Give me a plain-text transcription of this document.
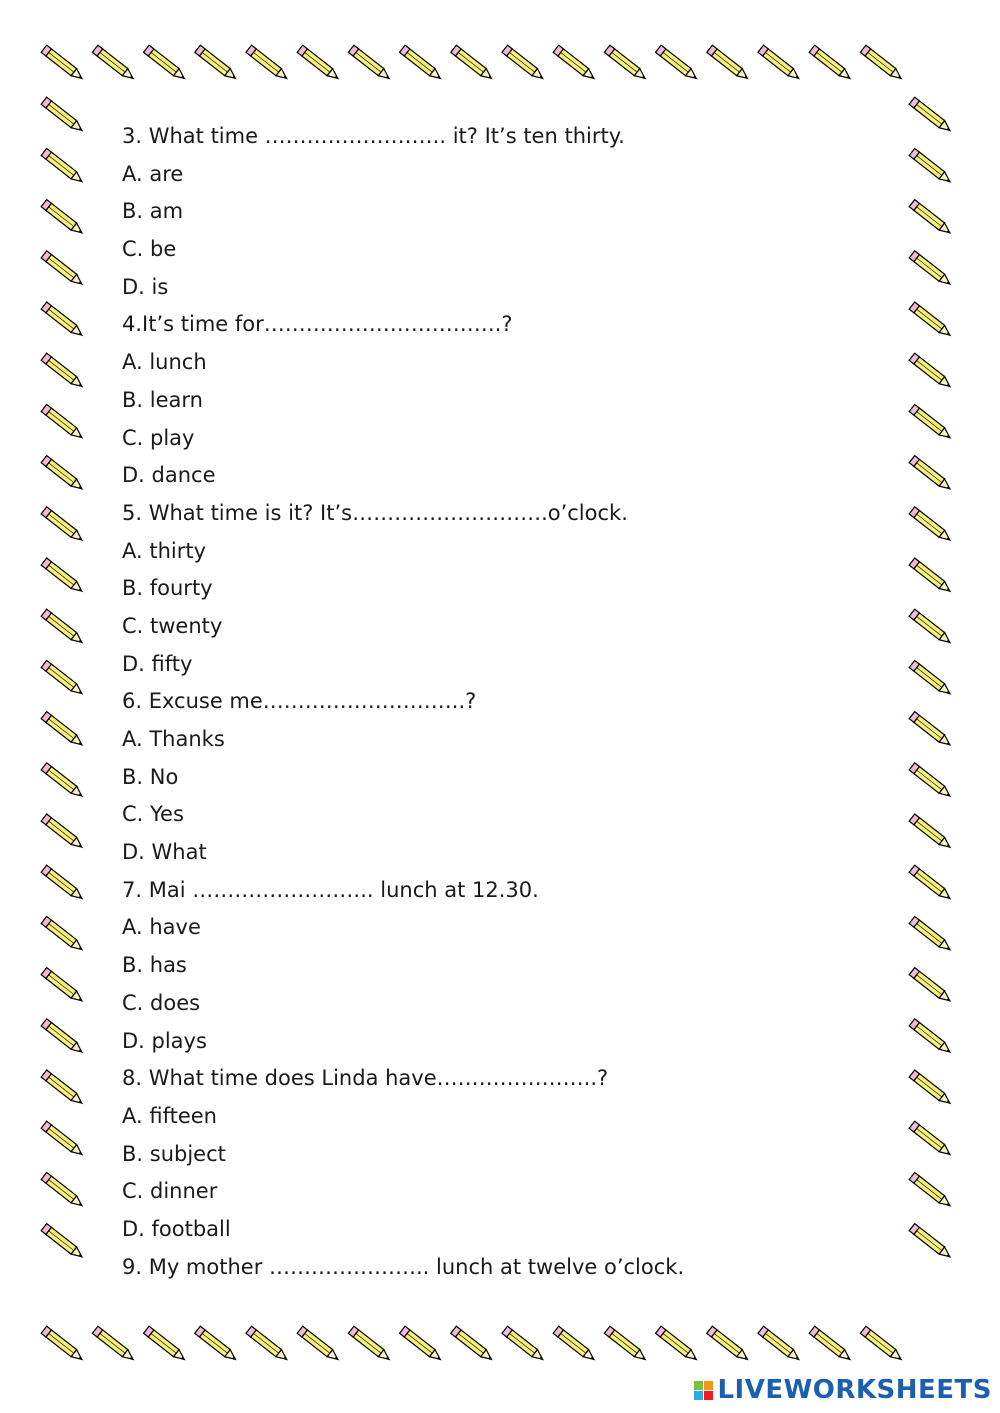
3. What time …………………….. it? It’s ten thirty.
A. are
B. am
C. be
D. is
4.It’s time for…………………………….?
A. lunch
B. learn
C. play
D. dance
5. What time is it? It’s……………………….o’clock.
A. thirty
B. fourty
C. twenty
D. fifty
6. Excuse me………………………..?
A. Thanks
B. No
C. Yes
D. What
7. Mai …………………….. lunch at 12.30.
A. have
B. has
C. does
D. plays
8. What time does Linda have…………………..?
A. fifteen
B. subject
C. dinner
D. football
9. My mother ………………….. lunch at twelve o’clock.
LIVEWORKSHEETS
